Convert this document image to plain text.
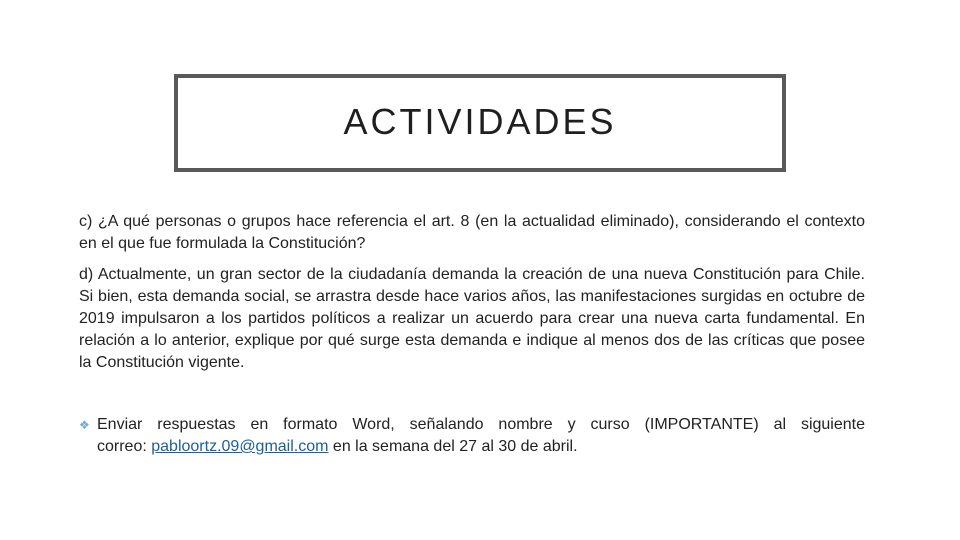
ACTIVIDADES
c) ¿A qué personas o grupos hace referencia el art. 8 (en la actualidad eliminado), considerando el contexto en el que fue formulada la Constitución?
d) Actualmente, un gran sector de la ciudadanía demanda la creación de una nueva Constitución para Chile. Si bien, esta demanda social, se arrastra desde hace varios años, las manifestaciones surgidas en octubre de 2019 impulsaron a los partidos políticos a realizar un acuerdo para crear una nueva carta fundamental. En relación a lo anterior, explique por qué surge esta demanda e indique al menos dos de las críticas que posee la Constitución vigente.
❖ Enviar respuestas en formato Word, señalando nombre y curso (IMPORTANTE) al siguiente
correo: pabloortz.09@gmail.com en la semana del 27 al 30 de abril.
